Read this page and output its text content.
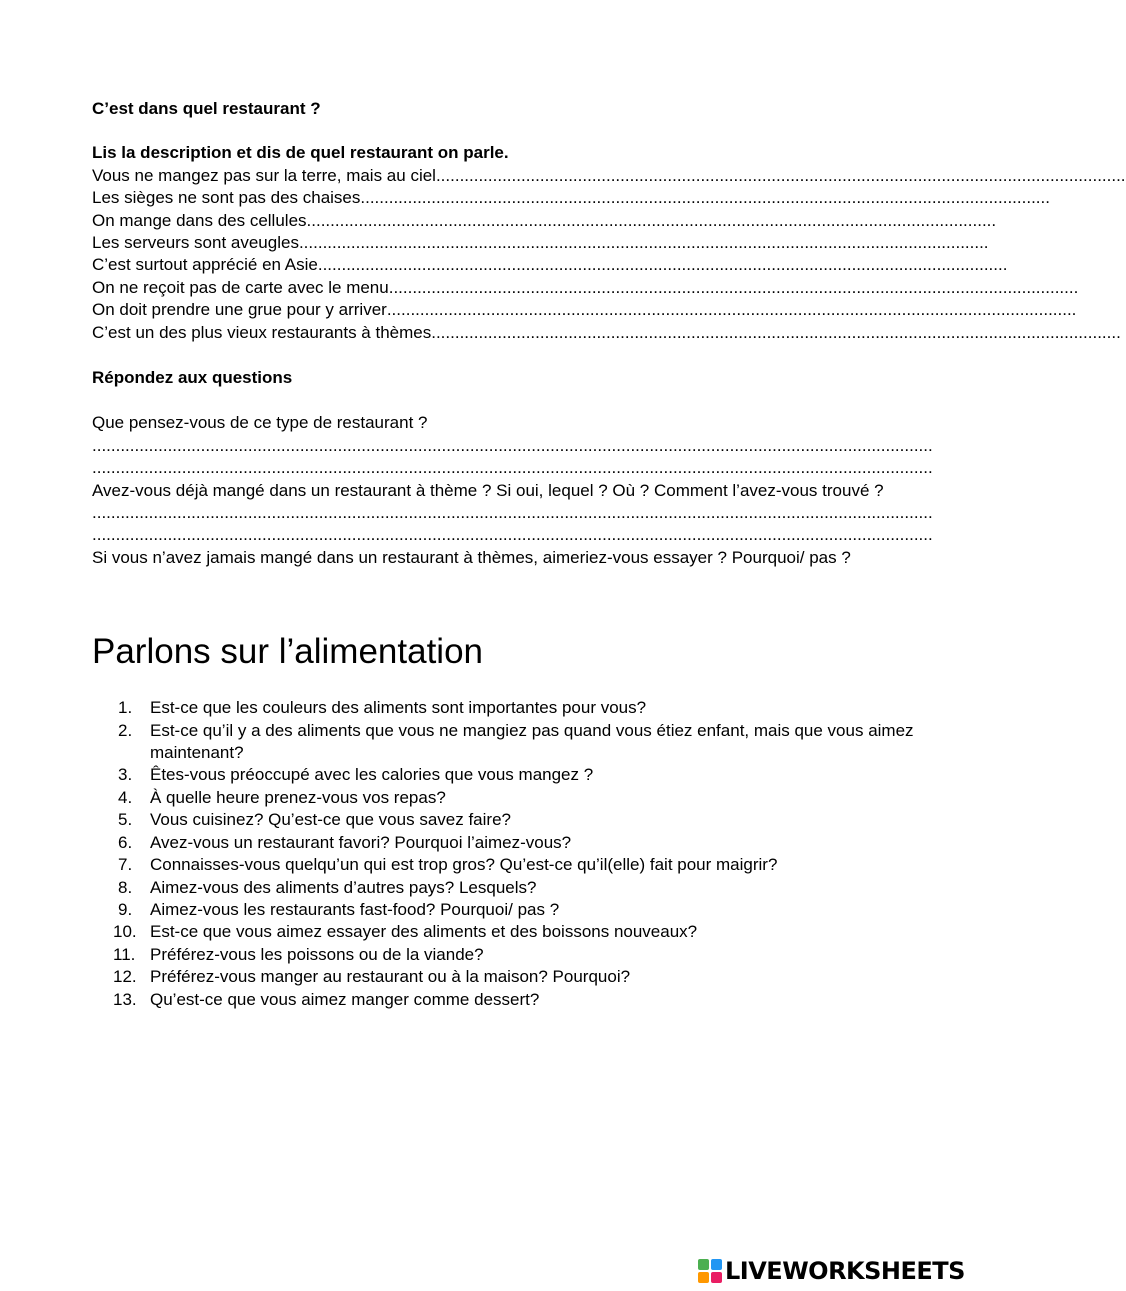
C’est dans quel restaurant ?
Lis la description et dis de quel restaurant on parle.
Vous ne mangez pas sur la terre, mais au ciel ..................................................................................................................................................
Les sièges ne sont pas des chaises ..................................................................................................................................................
On mange dans des cellules ..................................................................................................................................................
Les serveurs sont aveugles ..................................................................................................................................................
C’est surtout apprécié en Asie ..................................................................................................................................................
On ne reçoit pas de carte avec le menu ..................................................................................................................................................
On doit prendre une grue pour y arriver ..................................................................................................................................................
C’est un des plus vieux restaurants à thèmes ..................................................................................................................................................
Répondez aux questions
Que pensez-vous de ce type de restaurant ?
..................................................................................................................................................................................
..................................................................................................................................................................................
Avez-vous déjà mangé dans un restaurant à thème ? Si oui, lequel ? Où ? Comment l’avez-vous trouvé ?
..................................................................................................................................................................................
..................................................................................................................................................................................
Si vous n’avez jamais mangé dans un restaurant à thèmes, aimeriez-vous essayer ? Pourquoi/ pas ?
Parlons sur l’alimentation
1.	Est-ce que les couleurs des aliments sont importantes pour vous?
2.	Est-ce qu’il y a des aliments que vous ne mangiez pas quand vous étiez enfant, mais que vous aimez maintenant?
3.	Êtes-vous préoccupé avec les calories que vous mangez ?
4.	À quelle heure prenez-vous vos repas?
5.	Vous cuisinez? Qu’est-ce que vous savez faire?
6.	Avez-vous un restaurant favori? Pourquoi l’aimez-vous?
7.	Connaisses-vous quelqu’un qui est trop gros? Qu’est-ce qu’il(elle) fait pour maigrir?
8.	Aimez-vous des aliments d’autres pays? Lesquels?
9.	Aimez-vous les restaurants fast-food? Pourquoi/ pas ?
10. Est-ce que vous aimez essayer des aliments et des boissons nouveaux?
11. Préférez-vous les poissons ou de la viande?
12. Préférez-vous manger au restaurant ou à la maison? Pourquoi?
13. Qu’est-ce que vous aimez manger comme dessert?
LIVEWORKSHEETS
